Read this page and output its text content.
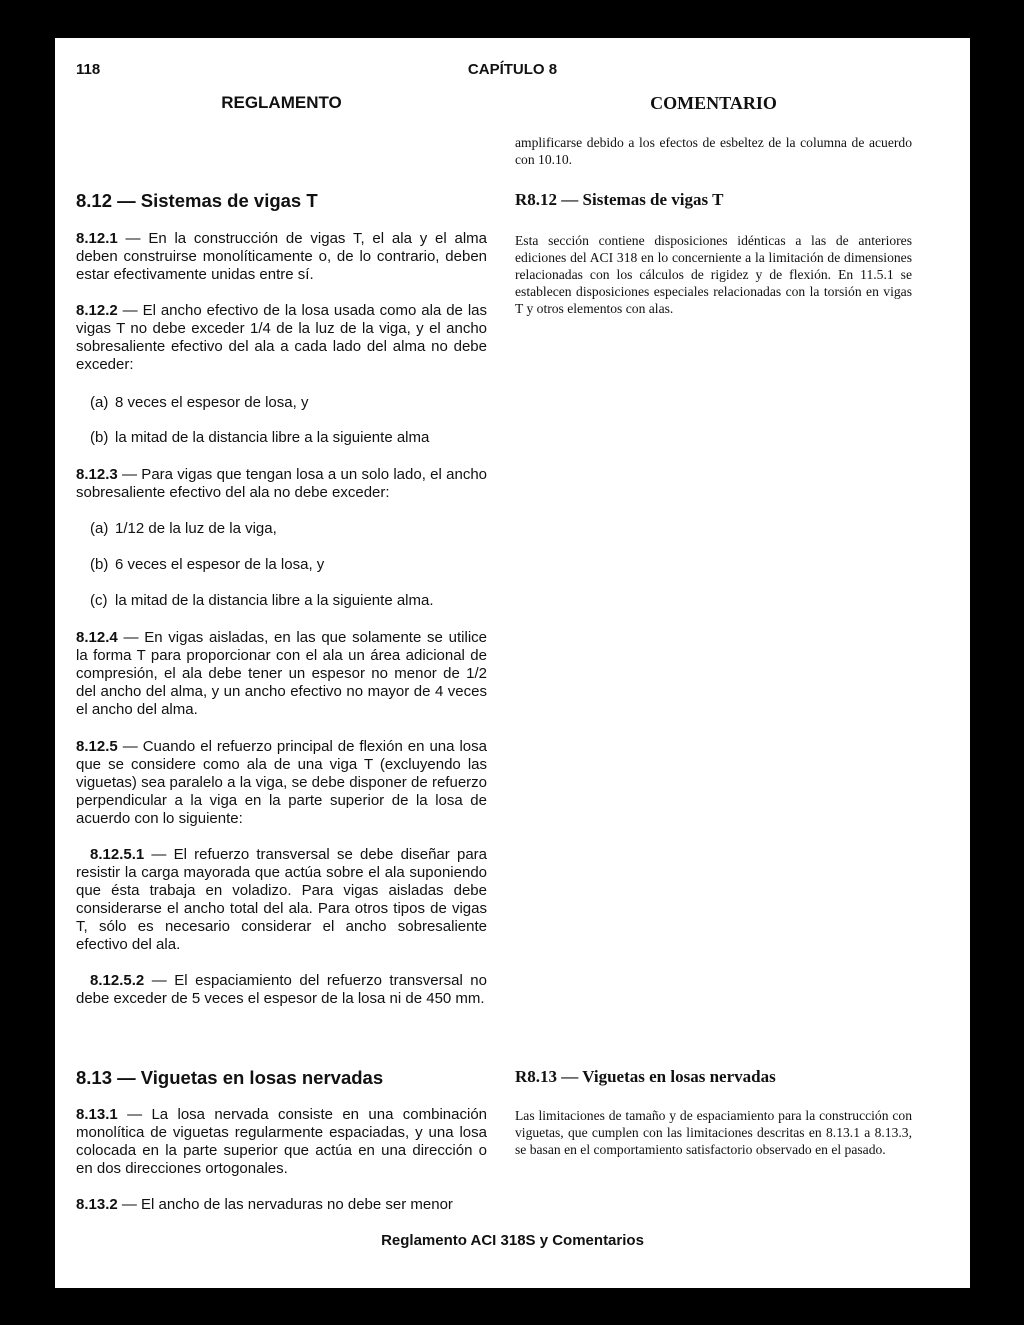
118	CAPÍTULO 8
REGLAMENTO	COMENTARIO
amplificarse debido a los efectos de esbeltez de la columna de acuerdo con 10.10.
R8.12 — Sistemas de vigas T
Esta sección contiene disposiciones idénticas a las de anteriores ediciones del ACI 318 en lo concerniente a la limitación de dimensiones relacionadas con los cálculos de rigidez y de flexión. En 11.5.1 se establecen disposiciones especiales relacionadas con la torsión en vigas T y otros elementos con alas.
R8.13 — Viguetas en losas nervadas
Las limitaciones de tamaño y de espaciamiento para la construcción con viguetas, que cumplen con las limitaciones descritas en 8.13.1 a 8.13.3, se basan en el comportamiento satisfactorio observado en el pasado.
8.12 — Sistemas de vigas T
8.12.1 — En la construcción de vigas T, el ala y el alma deben construirse monolíticamente o, de lo contrario, deben estar efectivamente unidas entre sí.
8.12.2 — El ancho efectivo de la losa usada como ala de las vigas T no debe exceder 1/4 de la luz de la viga, y el ancho sobresaliente efectivo del ala a cada lado del alma no debe exceder:
(a) 8 veces el espesor de losa, y
(b) la mitad de la distancia libre a la siguiente alma
8.12.3 — Para vigas que tengan losa a un solo lado, el ancho sobresaliente efectivo del ala no debe exceder:
(a) 1/12 de la luz de la viga,
(b) 6 veces el espesor de la losa, y
(c) la mitad de la distancia libre a la siguiente alma.
8.12.4 — En vigas aisladas, en las que solamente se utilice la forma T para proporcionar con el ala un área adicional de compresión, el ala debe tener un espesor no menor de 1/2 del ancho del alma, y un ancho efectivo no mayor de 4 veces el ancho del alma.
8.12.5 — Cuando el refuerzo principal de flexión en una losa que se considere como ala de una viga T (excluyendo las viguetas) sea paralelo a la viga, se debe disponer de refuerzo perpendicular a la viga en la parte superior de la losa de acuerdo con lo siguiente:
8.12.5.1 — El refuerzo transversal se debe diseñar para resistir la carga mayorada que actúa sobre el ala suponiendo que ésta trabaja en voladizo. Para vigas aisladas debe considerarse el ancho total del ala. Para otros tipos de vigas T, sólo es necesario considerar el ancho sobresaliente efectivo del ala.
8.12.5.2 — El espaciamiento del refuerzo transversal no debe exceder de 5 veces el espesor de la losa ni de 450 mm.
8.13 — Viguetas en losas nervadas
8.13.1 — La losa nervada consiste en una combinación monolítica de viguetas regularmente espaciadas, y una losa colocada en la parte superior que actúa en una dirección o en dos direcciones ortogonales.
8.13.2 — El ancho de las nervaduras no debe ser menor
Reglamento ACI 318S y Comentarios
